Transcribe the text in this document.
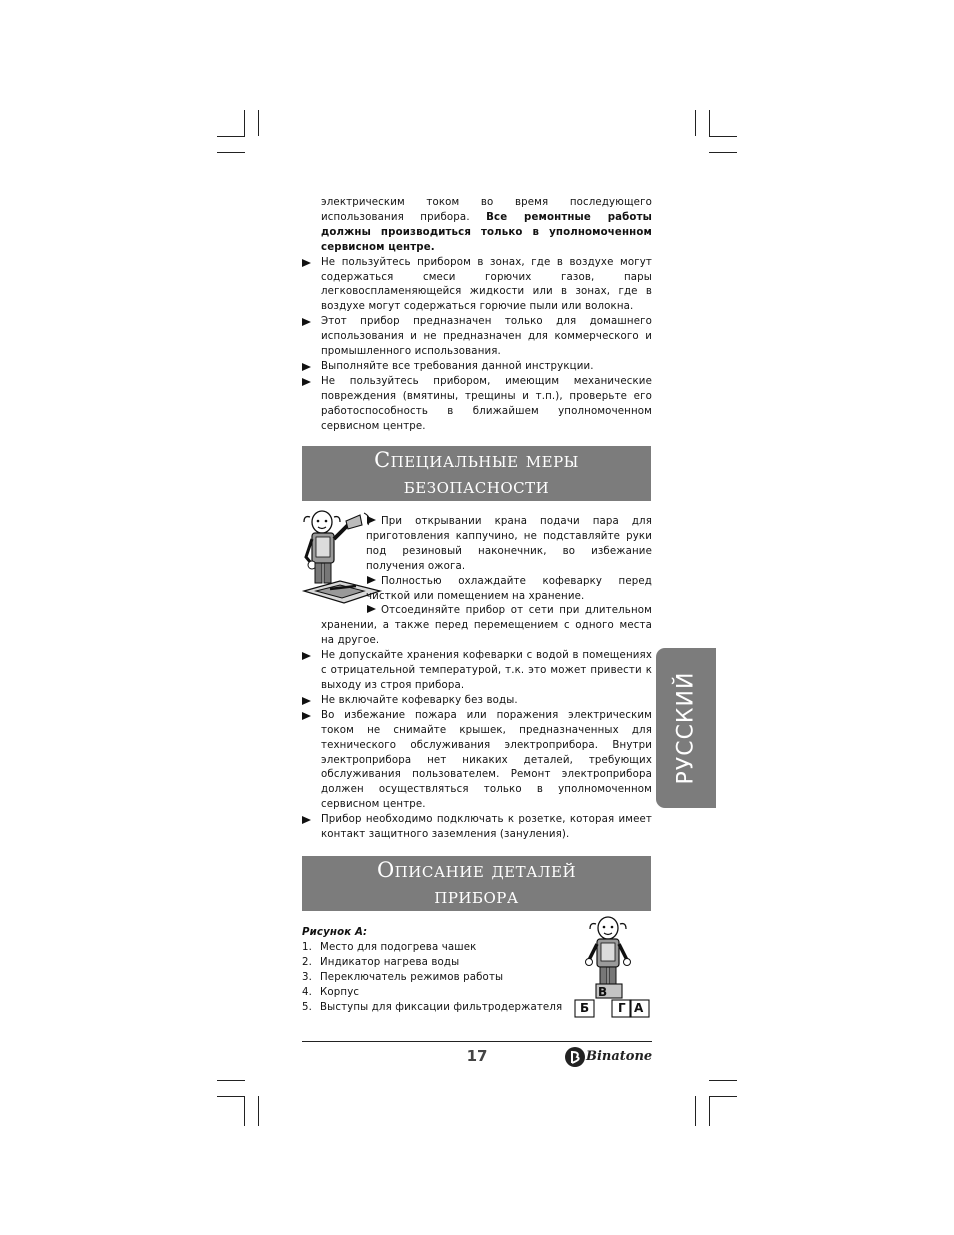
электрическим током во время последующего использования прибора. Все ремонтные работы должны производиться только в уполномоченном сервисном центре.

Не пользуйтесь прибором в зонах, где в воздухе могут содержаться смеси горючих газов, пары легковоспламеняющейся жидкости или в зонах, где в воздухе могут содержаться горючие пыли или волокна.

Этот прибор предназначен только для домашнего использования и не предназначен для коммерческого и промышленного использования.

Выполняйте все требования данной инструкции.

Не пользуйтесь прибором, имеющим механические повреждения (вмятины, трещины и т.п.), проверьте его работоспособность в ближайшем уполномоченном сервисном центре.

Специальные меры
безопасности

При открывании крана подачи пара для приготовления каппучино, не подставляйте руки под резиновый наконечник, во избежание получения ожога.

Полностью охлаждайте кофеварку перед чисткой или помещением на хранение.

Отсоединяйте прибор от сети при длительном хранении, а также перед перемещением с одного места на другое.

Не допускайте хранения кофеварки с водой в помещениях с отрицательной температурой, т.к. это может привести к выходу из строя прибора.

Не включайте кофеварку без воды.

Во избежание пожара или поражения электрическим током не снимайте крышек, предназначенных для технического обслуживания электроприбора. Внутри электроприбора нет никаких деталей, требующих обслуживания пользователем. Ремонт электроприбора должен осуществляться только в уполномоченном сервисном центре.

Прибор необходимо подключать к розетке, которая имеет контакт защитного заземления (зануления).

РУССКИЙ
Описание деталей
прибора

Рисунок А:

1. Место для подогрева чашек

2. Индикатор нагрева воды

3. Переключатель режимов работы

4. Корпус

5. Выступы для фиксации фильтродержателя	Б
В
Г А
17	Binatone
